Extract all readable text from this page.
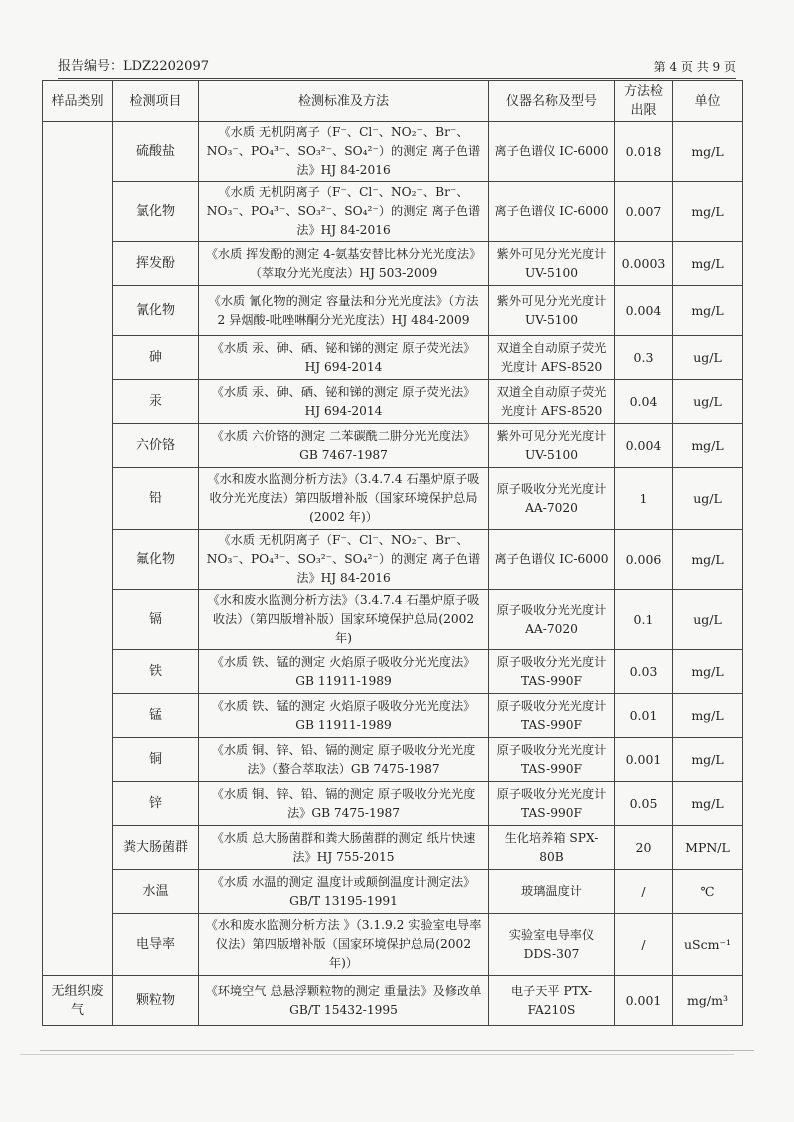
报告编号：LDZ2202097	第 4 页 共 9 页
样品类别	检测项目	检测标准及方法	仪器名称及型号	方法检出限	单位
	硫酸盐	《水质 无机阴离子（F⁻、Cl⁻、NO₂⁻、Br⁻、NO₃⁻、PO₄³⁻、SO₃²⁻、SO₄²⁻）的测定 离子色谱法》HJ 84-2016	离子色谱仪 IC-6000	0.018	mg/L
	氯化物	《水质 无机阴离子（F⁻、Cl⁻、NO₂⁻、Br⁻、NO₃⁻、PO₄³⁻、SO₃²⁻、SO₄²⁻）的测定 离子色谱法》HJ 84-2016	离子色谱仪 IC-6000	0.007	mg/L
	挥发酚	《水质 挥发酚的测定 4-氨基安替比林分光光度法》（萃取分光光度法）HJ 503-2009	紫外可见分光光度计 UV-5100	0.0003	mg/L
	氰化物	《水质 氰化物的测定 容量法和分光光度法》（方法 2 异烟酸-吡唑啉酮分光光度法）HJ 484-2009	紫外可见分光光度计 UV-5100	0.004	mg/L
	砷	《水质 汞、砷、硒、铋和锑的测定 原子荧光法》HJ 694-2014	双道全自动原子荧光光度计 AFS-8520	0.3	ug/L
	汞	《水质 汞、砷、硒、铋和锑的测定 原子荧光法》HJ 694-2014	双道全自动原子荧光光度计 AFS-8520	0.04	ug/L
	六价铬	《水质 六价铬的测定 二苯碳酰二肼分光光度法》GB 7467-1987	紫外可见分光光度计 UV-5100	0.004	mg/L
	铅	《水和废水监测分析方法》（3.4.7.4 石墨炉原子吸收分光光度法）第四版增补版（国家环境保护总局(2002 年)）	原子吸收分光光度计 AA-7020	1	ug/L
	氟化物	《水质 无机阴离子（F⁻、Cl⁻、NO₂⁻、Br⁻、NO₃⁻、PO₄³⁻、SO₃²⁻、SO₄²⁻）的测定 离子色谱法》HJ 84-2016	离子色谱仪 IC-6000	0.006	mg/L
	镉	《水和废水监测分析方法》（3.4.7.4 石墨炉原子吸收法）（第四版增补版）国家环境保护总局(2002 年)	原子吸收分光光度计 AA-7020	0.1	ug/L
	铁	《水质 铁、锰的测定 火焰原子吸收分光光度法》GB 11911-1989	原子吸收分光光度计 TAS-990F	0.03	mg/L
	锰	《水质 铁、锰的测定 火焰原子吸收分光光度法》GB 11911-1989	原子吸收分光光度计 TAS-990F	0.01	mg/L
	铜	《水质 铜、锌、铅、镉的测定 原子吸收分光光度法》（螯合萃取法）GB 7475-1987	原子吸收分光光度计 TAS-990F	0.001	mg/L
	锌	《水质 铜、锌、铅、镉的测定 原子吸收分光光度法》GB 7475-1987	原子吸收分光光度计 TAS-990F	0.05	mg/L
	粪大肠菌群	《水质 总大肠菌群和粪大肠菌群的测定 纸片快速法》HJ 755-2015	生化培养箱 SPX-80B	20	MPN/L
	水温	《水质 水温的测定 温度计或颠倒温度计测定法》GB/T 13195-1991	玻璃温度计	/	℃
	电导率	《水和废水监测分析方法 》（3.1.9.2 实验室电导率仪法）第四版增补版（国家环境保护总局(2002 年)）	实验室电导率仪 DDS-307	/	uScm⁻¹
无组织废气	颗粒物	《环境空气 总悬浮颗粒物的测定 重量法》及修改单 GB/T 15432-1995	电子天平 PTX-FA210S	0.001	mg/m³
